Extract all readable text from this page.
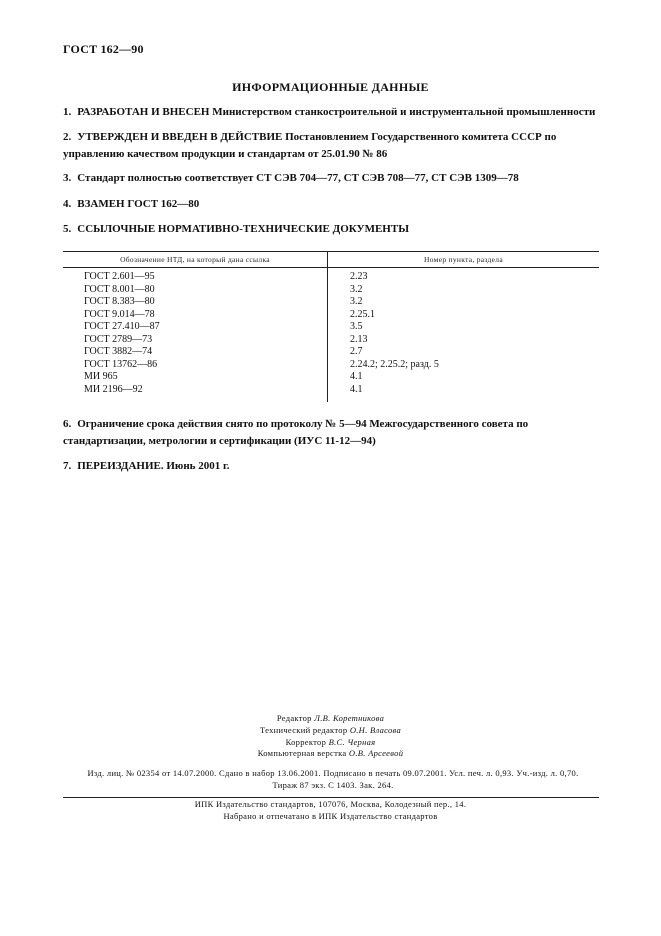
ГОСТ 162—90
ИНФОРМАЦИОННЫЕ ДАННЫЕ
1. РАЗРАБОТАН И ВНЕСЕН Министерством станкостроительной и инструментальной промышленности
2. УТВЕРЖДЕН И ВВЕДЕН В ДЕЙСТВИЕ Постановлением Государственного комитета СССР по управлению качеством продукции и стандартам от 25.01.90 № 86
3. Стандарт полностью соответствует СТ СЭВ 704—77, СТ СЭВ 708—77, СТ СЭВ 1309—78
4. ВЗАМЕН ГОСТ 162—80
5. ССЫЛОЧНЫЕ НОРМАТИВНО-ТЕХНИЧЕСКИЕ ДОКУМЕНТЫ
Обозначение НТД, на который дана ссылка	Номер пункта, раздела
ГОСТ 2.601—95	2.23
ГОСТ 8.001—80	3.2
ГОСТ 8.383—80	3.2
ГОСТ 9.014—78	2.25.1
ГОСТ 27.410—87	3.5
ГОСТ 2789—73	2.13
ГОСТ 3882—74	2.7
ГОСТ 13762—86	2.24.2; 2.25.2; разд. 5
МИ 965	4.1
МИ 2196—92	4.1
6. Ограничение срока действия снято по протоколу № 5—94 Межгосударственного совета по стандартизации, метрологии и сертификации (ИУС 11-12—94)
7. ПЕРЕИЗДАНИЕ. Июнь 2001 г.
Редактор Л.В. Коретникова
Технический редактор О.Н. Власова
Корректор В.С. Черная
Компьютерная верстка О.В. Арсеевой
Изд. лиц. № 02354 от 14.07.2000. Сдано в набор 13.06.2001. Подписано в печать 09.07.2001. Усл. печ. л. 0,93. Уч.-изд. л. 0,70.
Тираж 87 экз. С 1403. Зак. 264.
ИПК Издательство стандартов, 107076, Москва, Колодезный пер., 14.
Набрано и отпечатано в ИПК Издательство стандартов
